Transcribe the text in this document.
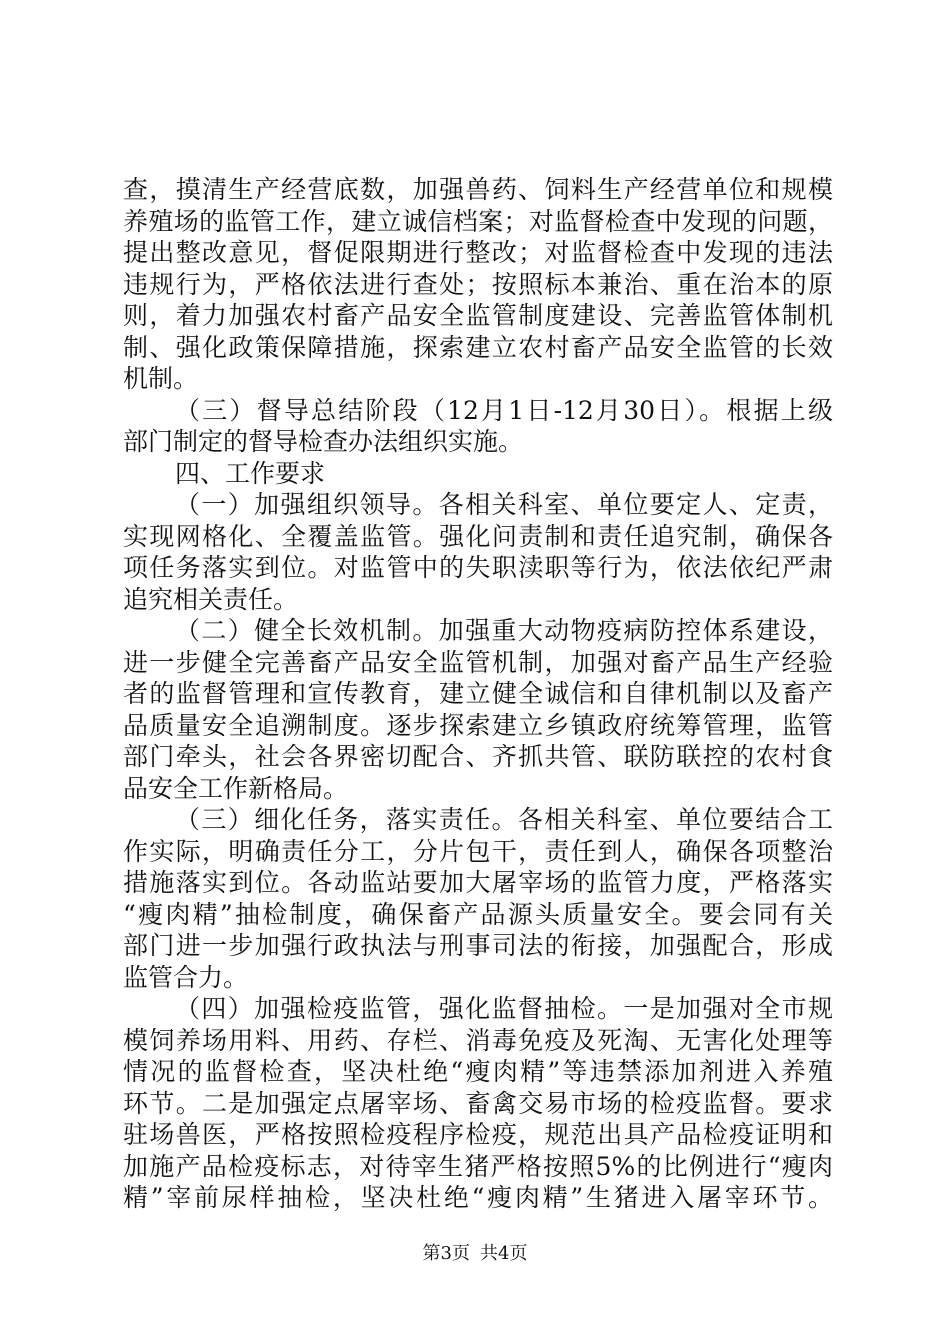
查，摸清生产经营底数，加强兽药、饲料生产经营单位和规模
养殖场的监管工作，建立诚信档案；对监督检查中发现的问题，
提出整改意见，督促限期进行整改；对监督检查中发现的违法
违规行为，严格依法进行查处；按照标本兼治、重在治本的原
则，着力加强农村畜产品安全监管制度建设、完善监管体制机
制、强化政策保障措施，探索建立农村畜产品安全监管的长效
机制。
（三）督导总结阶段（12月1日-12月30日）。根据上级
部门制定的督导检查办法组织实施。
四、工作要求
（一）加强组织领导。各相关科室、单位要定人、定责，
实现网格化、全覆盖监管。强化问责制和责任追究制，确保各
项任务落实到位。对监管中的失职渎职等行为，依法依纪严肃
追究相关责任。
（二）健全长效机制。加强重大动物疫病防控体系建设，
进一步健全完善畜产品安全监管机制，加强对畜产品生产经验
者的监督管理和宣传教育，建立健全诚信和自律机制以及畜产
品质量安全追溯制度。逐步探索建立乡镇政府统筹管理，监管
部门牵头，社会各界密切配合、齐抓共管、联防联控的农村食
品安全工作新格局。
（三）细化任务，落实责任。各相关科室、单位要结合工
作实际，明确责任分工，分片包干，责任到人，确保各项整治
措施落实到位。各动监站要加大屠宰场的监管力度，严格落实
“瘦肉精”抽检制度，确保畜产品源头质量安全。要会同有关
部门进一步加强行政执法与刑事司法的衔接，加强配合，形成
监管合力。
（四）加强检疫监管，强化监督抽检。一是加强对全市规
模饲养场用料、用药、存栏、消毒免疫及死淘、无害化处理等
情况的监督检查，坚决杜绝“瘦肉精”等违禁添加剂进入养殖
环节。二是加强定点屠宰场、畜禽交易市场的检疫监督。要求
驻场兽医，严格按照检疫程序检疫，规范出具产品检疫证明和
加施产品检疫标志，对待宰生猪严格按照5%的比例进行“瘦肉
精”宰前尿样抽检，坚决杜绝“瘦肉精”生猪进入屠宰环节。
第3页 共4页
